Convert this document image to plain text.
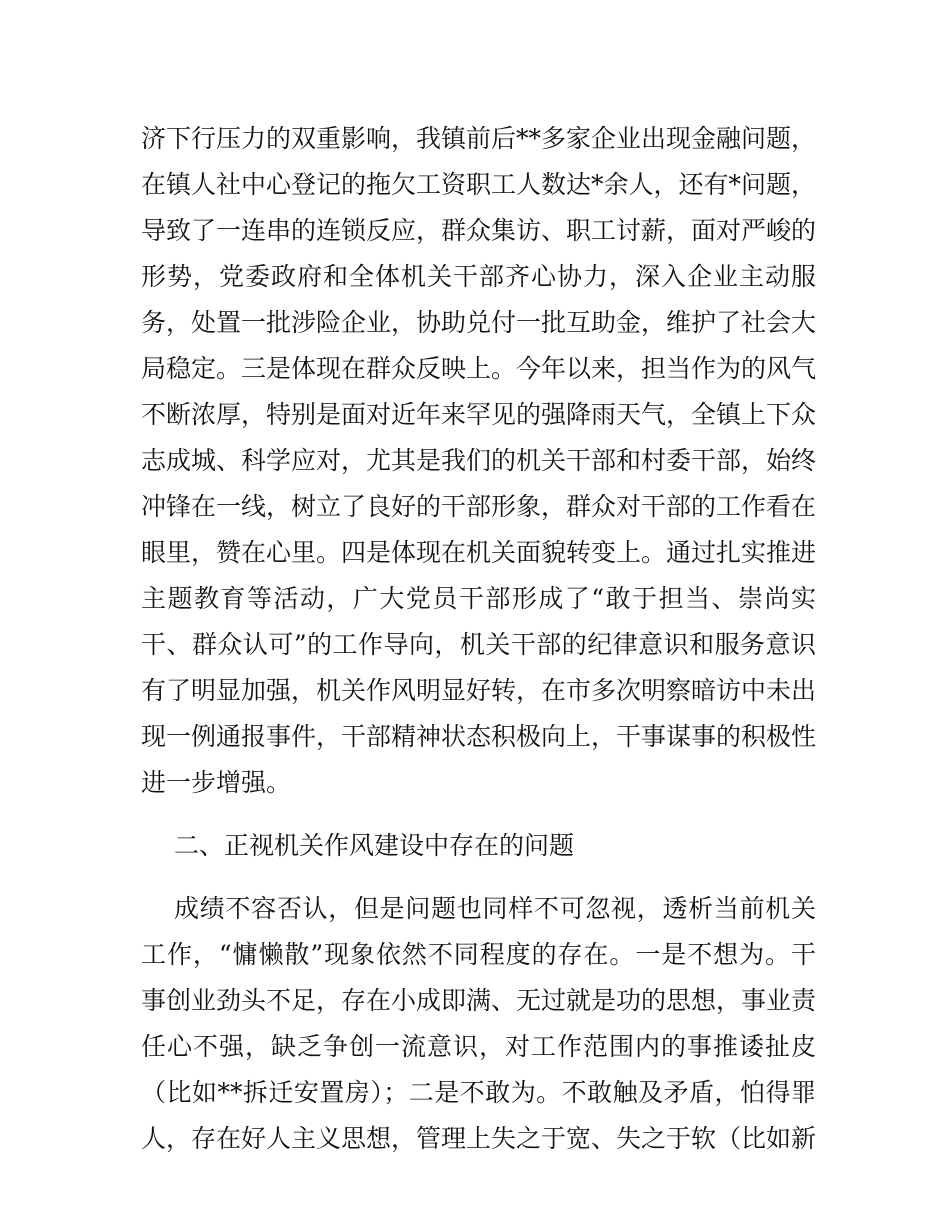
济下行压力的双重影响，我镇前后**多家企业出现金融问题，
在镇人社中心登记的拖欠工资职工人数达*余人，还有*问题，
导致了一连串的连锁反应，群众集访、职工讨薪，面对严峻的
形势，党委政府和全体机关干部齐心协力，深入企业主动服
务，处置一批涉险企业，协助兑付一批互助金，维护了社会大
局稳定。三是体现在群众反映上。今年以来，担当作为的风气
不断浓厚，特别是面对近年来罕见的强降雨天气，全镇上下众
志成城、科学应对，尤其是我们的机关干部和村委干部，始终
冲锋在一线，树立了良好的干部形象，群众对干部的工作看在
眼里，赞在心里。四是体现在机关面貌转变上。通过扎实推进
主题教育等活动，广大党员干部形成了“敢于担当、崇尚实
干、群众认可”的工作导向，机关干部的纪律意识和服务意识
有了明显加强，机关作风明显好转，在市多次明察暗访中未出
现一例通报事件，干部精神状态积极向上，干事谋事的积极性
进一步增强。
二、正视机关作风建设中存在的问题
成绩不容否认，但是问题也同样不可忽视，透析当前机关
工作，“慵懒散”现象依然不同程度的存在。一是不想为。干
事创业劲头不足，存在小成即满、无过就是功的思想，事业责
任心不强，缺乏争创一流意识，对工作范围内的事推诿扯皮
（比如**拆迁安置房）；二是不敢为。不敢触及矛盾，怕得罪
人，存在好人主义思想，管理上失之于宽、失之于软（比如新
